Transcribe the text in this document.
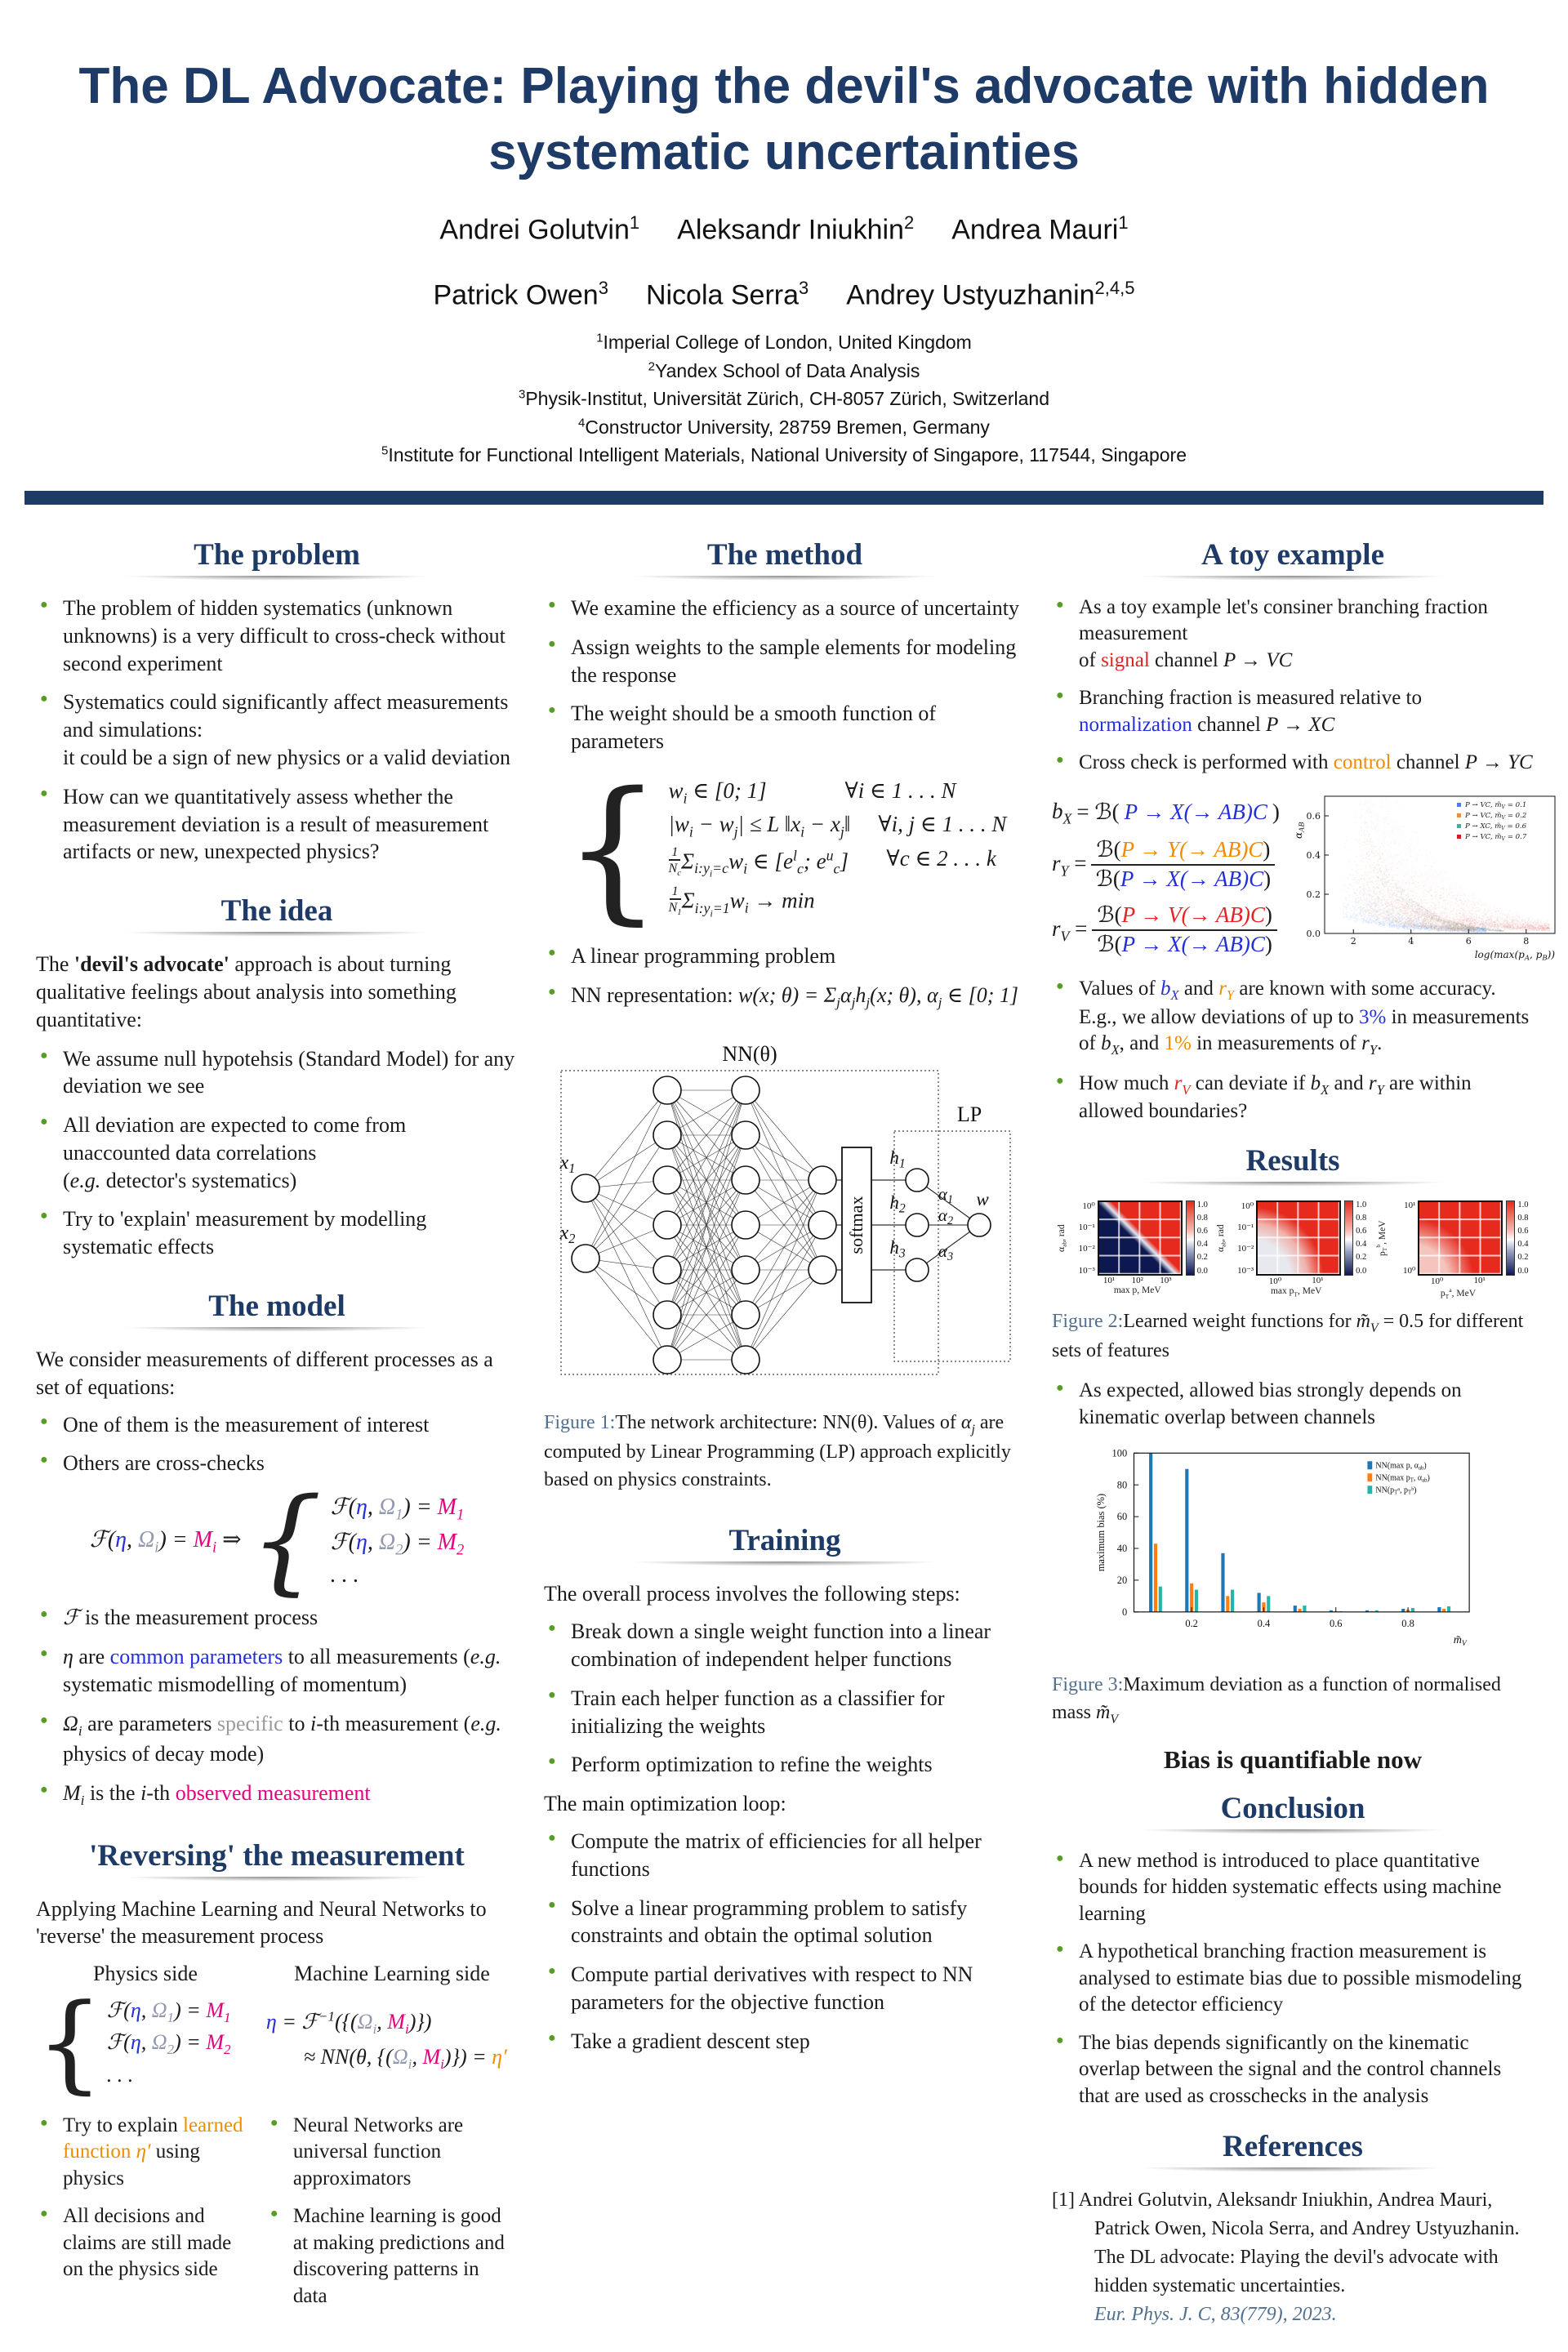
The DL Advocate: Playing the devil's advocate with hidden
systematic uncertainties
Andrei Golutvin$^1$ Aleksandr Iniukhin$^2$ Andrea Mauri$^1$
Patrick Owen$^3$ Nicola Serra$^3$ Andrey Ustyuzhanin$^{2,4,5}$
$^1$Imperial College of London, United Kingdom
$^2$Yandex School of Data Analysis
$^3$Physik-Institut, Universität Zürich, CH-8057 Zürich, Switzerland
$^4$Constructor University, 28759 Bremen, Germany
$^5$Institute for Functional Intelligent Materials, National University of Singapore, 117544, Singapore
The problem
● The problem of hidden systematics (unknown unknowns) is a very difficult to cross-check without second experiment
● Systematics could significantly affect measurements and simulations:
it could be a sign of new physics or a valid deviation
● How can we quantitatively assess whether the measurement deviation is a result of measurement artifacts or new, unexpected physics?
The idea

The 'devil's advocate' approach is about turning qualitative feelings about analysis into something quantitative:

● We assume null hypotehsis (Standard Model) for any deviation we see
● All deviation are expected to come from unaccounted data correlations
(e.g. detector's systematics)
● Try to 'explain' measurement by modelling systematic effects
The model

We consider measurements of different processes as a set of equations:

● One of them is the measurement of interest
● Others are cross-checks
ℱ(η, $\Omega_i) = M_i$ ⇒ { ℱ(η, $\Omega_1) = M_1$
ℱ(η, $\Omega_2) = M_2$
. . .
● ℱ is the measurement process
● η are common parameters to all measurements (e.g. systematic mismodelling of momentum)
● $\Omega_i$ are parameters specific to i-th measurement (e.g. physics of decay mode)
● $M_i$ is the i-th observed measurement
'Reversing' the measurement

Applying Machine Learning and Neural Networks to 'reverse' the measurement process

Physics side	Machine Learning side
{ ℱ(η, $\Omega_1) = M_1$
ℱ(η, $\Omega_2) = M_2$
. . .
$\eta = ℱ^{-1}(\{(\Omega_i$, $M_i$)})
≈ NN(θ, {($\Omega_i$, $M_i)\}) = \eta'$
● Try to explain learned function η′ using physics
● All decisions and claims are still made on the physics side
● Neural Networks are universal function approximators
● Machine learning is good at making predictions and discovering patterns in data
The method
● We examine the efficiency as a source of uncertainty
● Assign weights to the sample elements for modeling the response
● The weight should be a smooth function of parameters
{ $w_i$ ∈ [0; 1]	∀i ∈ 1 . . . N
$|w_i - w_j| \le L$ $‖x_i$ − $x_j‖$ ∀i, j ∈ 1 . . . N
$\frac{1}{N_c} \Sigma_{i:y_i=c}w_i$ ∈ [$e^l_c$; $e^u_c$]	∀c ∈ 2 . . . k
$\frac{1}{N_1} \Sigma_{i:y_i=1}w_i \to \min$
● A linear programming problem
● NN representation: w(x; $\theta) = \Sigma_j\alpha_jh_j(x$; θ), $\alpha_j$ ∈ [0; 1]
NN(θ)
LP
softmax
$x_1$
$x_2$
$h_1$
$h_2$
$h_3$
$\alpha_1$
$\alpha_2$
$\alpha_3$
w
Figure 1:The network architecture: NN(θ). Values of $\alpha_j$ are computed by Linear Programming (LP) approach explicitly based on physics constraints.
Training

The overall process involves the following steps:

● Break down a single weight function into a linear combination of independent helper functions
● Train each helper function as a classifier for initializing the weights
● Perform optimization to refine the weights

The main optimization loop:

● Compute the matrix of efficiencies for all helper functions
● Solve a linear programming problem to satisfy constraints and obtain the optimal solution
● Compute partial derivatives with respect to NN parameters for the objective function
● Take a gradient descent step
A toy example
● As a toy example let's consiner branching fraction measurement
of signal channel P → VC
● Branching fraction is measured relative to normalization channel P → XC
● Cross check is performed with control channel P → YC
$b_X$ = ℬ( P → X(→ AB)C )
$r_Y$ =
ℬ(P → Y(→ AB)C)
ℬ(P → X(→ AB)C)
$r_V$ =
ℬ(P → V(→ AB)C)
ℬ(P → X(→ AB)C)
● Values of $b_X$ and $r_Y$ are known with some accuracy. E.g., we allow deviations of up to 3% in measurements of $b_X$, and 1% in measurements of $r_Y$.
● How much $r_V$ can deviate if $b_X$ and $r_Y$ are within allowed boundaries?
Results
$\alpha_{ab}$, rad
10⁰
10⁻¹
10⁻²
10⁻³
10¹ 10² 10³
max p, MeV
1.0
0.8
0.6
0.4
0.2
0.0
$\alpha_{ab}$, rad
10⁰
10⁻¹
10⁻²
10⁻³
10⁰	10¹
$\max p_T$, MeV
1.0
0.8
0.6
0.4
0.2
0.0
$p_T^b$, MeV
10¹
10⁰
10⁰	10¹
$p_T^a$, MeV
1.0
0.8
0.6
0.4
0.2
0.0
Figure 2:Learned weight functions for $m̃_V = 0.5$ for different sets of features
● As expected, allowed bias strongly depends on kinematic overlap between channels
0
20
40
60
80
100
0.2	0.4	0.6	0.8
maximum bias (%)
$m̃_V$
NN(max p, $\alpha_{ab}$)
NN(max $p_T$, $\alpha_{ab}$)
$NN(p_Tᵃ$, $p_Tᵇ$)
Figure 3:Maximum deviation as a function of normalised mass $m̃_V$
Bias is quantifiable now
Conclusion
● A new method is introduced to place quantitative bounds for hidden systematic effects using machine learning
● A hypothetical branching fraction measurement is analysed to estimate bias due to possible mismodeling of the detector efficiency
● The bias depends significantly on the kinematic overlap between the signal and the control channels that are used as crosschecks in the analysis
References
[1] Andrei Golutvin, Aleksandr Iniukhin, Andrea Mauri, Patrick Owen, Nicola Serra, and Andrey Ustyuzhanin.
The DL advocate: Playing the devil's advocate with hidden systematic uncertainties.
Eur. Phys. J. C, 83(779), 2023.
